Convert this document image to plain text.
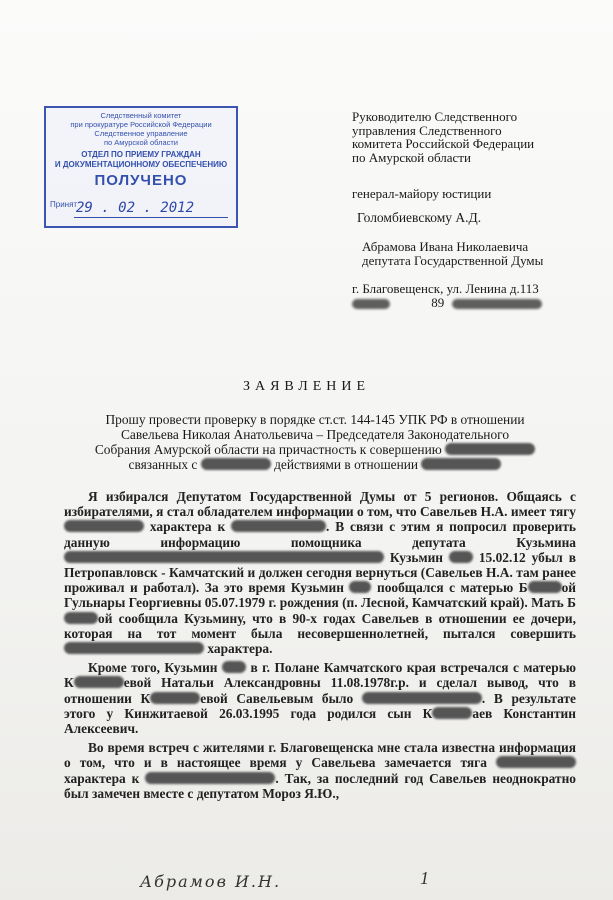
Следственный комитет
при прокуратуре Российской Федерации
Следственное управление
по Амурской области
ОТДЕЛ ПО ПРИЕМУ ГРАЖДАН
И ДОКУМЕНТАЦИОННОМУ ОБЕСПЕЧЕНИЮ
ПОЛУЧЕНО
Принят
29 . 02 . 2012
Руководителю Следственного
управления Следственного
комитета Российской Федерации
по Амурской области
генерал-майору юстиции
Голомбиевскому А.Д.
Абрамова Ивана Николаевича
депутата Государственной Думы
г. Благовещенск, ул. Ленина д.113
89
ЗАЯВЛЕНИЕ
Прошу провести проверку в порядке ст.ст. 144-145 УПК РФ в отношении
Савельева Николая Анатольевича – Председателя Законодательного
Собрания Амурской области на причастность к совершению
связанных с	действиями в отношении

Я избирался Депутатом Государственной Думы от 5 регионов. Общаясь с избирателями, я стал обладателем информации о том, что Савельев Н.А. имеет тягу  характера к	. В связи с этим я попросил проверить данную информацию помощника депутата Кузьмина  Кузьмин	15.02.12 убыл в Петропавловск - Камчатский и должен сегодня вернуться (Савельев Н.А. там ранее проживал и работал). За это время Кузьмин пообщался с матерью Б	ой Гульнары Георгиевны 05.07.1979 г. рождения (п. Лесной, Камчатский край). Мать Бой сообщила Кузьмину, что в 90-х годах Савельев в отношении ее дочери, которая на тот момент была несовершеннолетней, пытался совершить  характера.

Кроме того, Кузьмин в г. Полане Камчатского края встречался с матерью К	евой Натальи Александровны 11.08.1978г.р. и сделал вывод, что в отношении К	евой Савельевым было	. В результате этого у Кинжитаевой 26.03.1995 года родился сын К	аев Константин Алексеевич.

Во время встреч с жителями г. Благовещенска мне стала известна информация о том, что и в настоящее время у Савельева замечается тяга  характера к	. Так, за последний год Савельев неоднократно был замечен вместе с депутатом Мороз Я.Ю.,

Абрамов И.Н.	1
